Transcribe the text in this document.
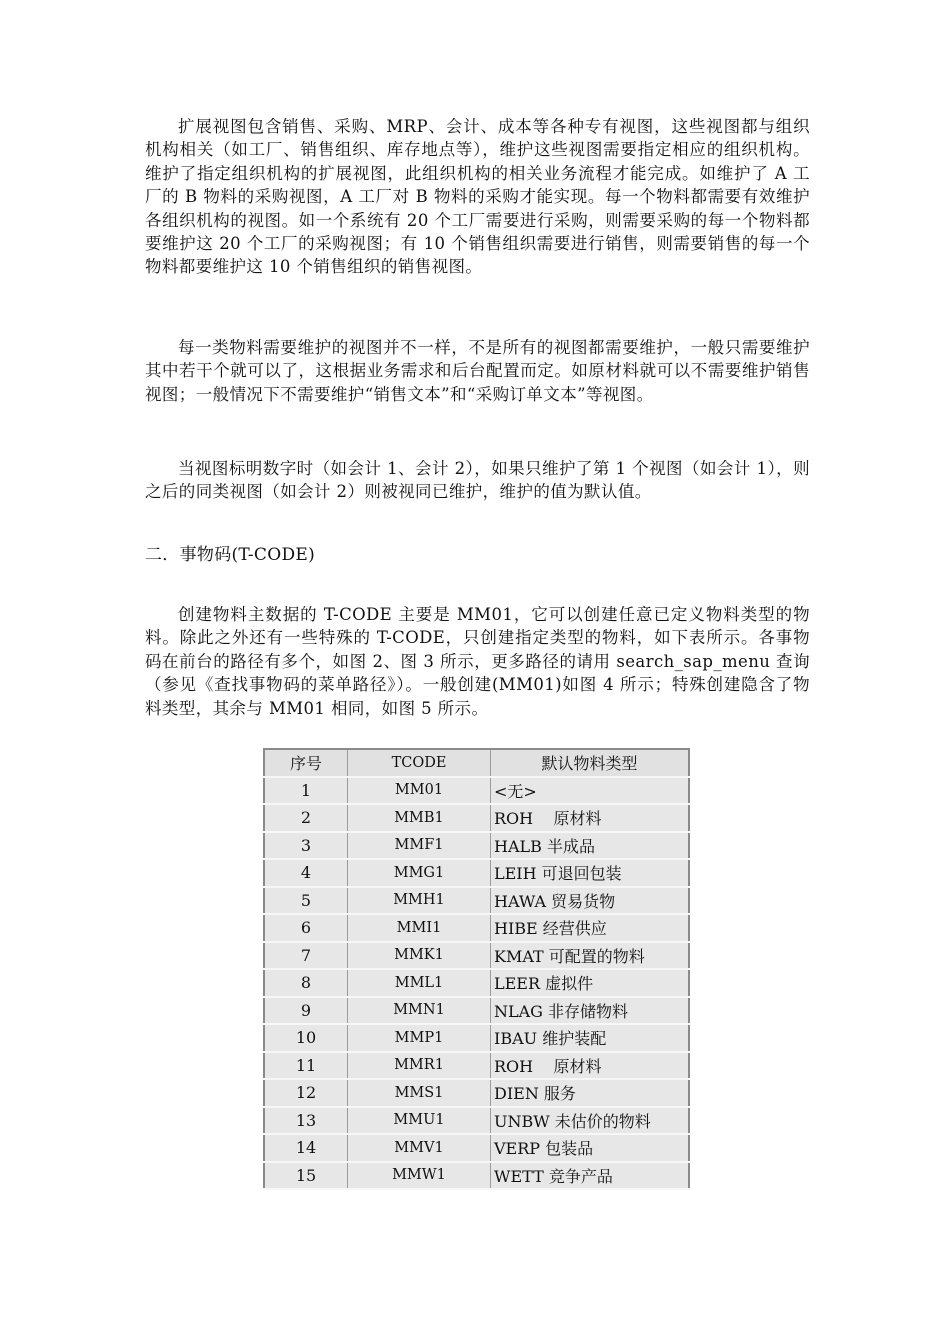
扩展视图包含销售、采购、MRP、会计、成本等各种专有视图，这些视图都与组织机构相关（如工厂、销售组织、库存地点等），维护这些视图需要指定相应的组织机构。维护了指定组织机构的扩展视图，此组织机构的相关业务流程才能完成。如维护了 A 工厂的 B 物料的采购视图，A 工厂对 B 物料的采购才能实现。每一个物料都需要有效维护各组织机构的视图。如一个系统有 20 个工厂需要进行采购，则需要采购的每一个物料都要维护这 20 个工厂的采购视图；有 10 个销售组织需要进行销售，则需要销售的每一个物料都要维护这 10 个销售组织的销售视图。

每一类物料需要维护的视图并不一样，不是所有的视图都需要维护，一般只需要维护其中若干个就可以了，这根据业务需求和后台配置而定。如原材料就可以不需要维护销售视图；一般情况下不需要维护“销售文本”和“采购订单文本”等视图。

当视图标明数字时（如会计 1、会计 2），如果只维护了第 1 个视图（如会计 1），则之后的同类视图（如会计 2）则被视同已维护，维护的值为默认值。

二．事物码(T-CODE)

创建物料主数据的 T-CODE 主要是 MM01，它可以创建任意已定义物料类型的物料。除此之外还有一些特殊的 T-CODE，只创建指定类型的物料，如下表所示。各事物码在前台的路径有多个，如图 2、图 3 所示，更多路径的请用 search_sap_menu 查询（参见《查找事物码的菜单路径》）。一般创建(MM01)如图 4 所示；特殊创建隐含了物料类型，其余与 MM01 相同，如图 5 所示。

序号	TCODE	默认物料类型
1	MM01	<无>
2	MMB1	ROH    原材料
3	MMF1	HALB 半成品
4	MMG1	LEIH 可退回包装
5	MMH1	HAWA 贸易货物
6	MMI1	HIBE 经营供应
7	MMK1	KMAT 可配置的物料
8	MML1	LEER 虚拟件
9	MMN1	NLAG 非存储物料
10	MMP1	IBAU 维护装配
11	MMR1	ROH    原材料
12	MMS1	DIEN 服务
13	MMU1	UNBW 未估价的物料
14	MMV1	VERP 包装品
15	MMW1	WETT 竞争产品
